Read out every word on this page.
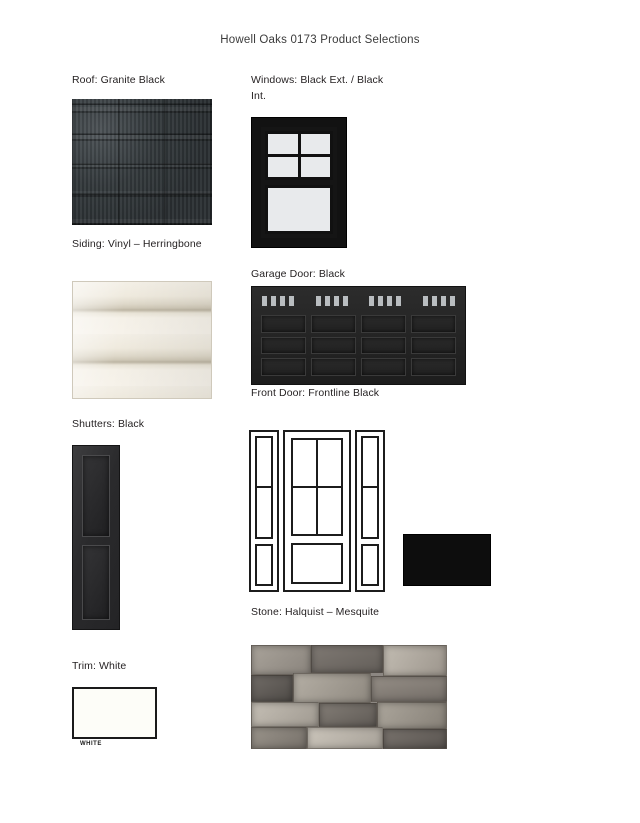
Howell Oaks 0173 Product Selections
Roof: Granite Black
Siding: Vinyl – Herringbone
Shutters: Black
Trim: White
WHITE
Windows: Black Ext. / Black Int.
Garage Door: Black
Front Door: Frontline Black
Stone: Halquist – Mesquite
